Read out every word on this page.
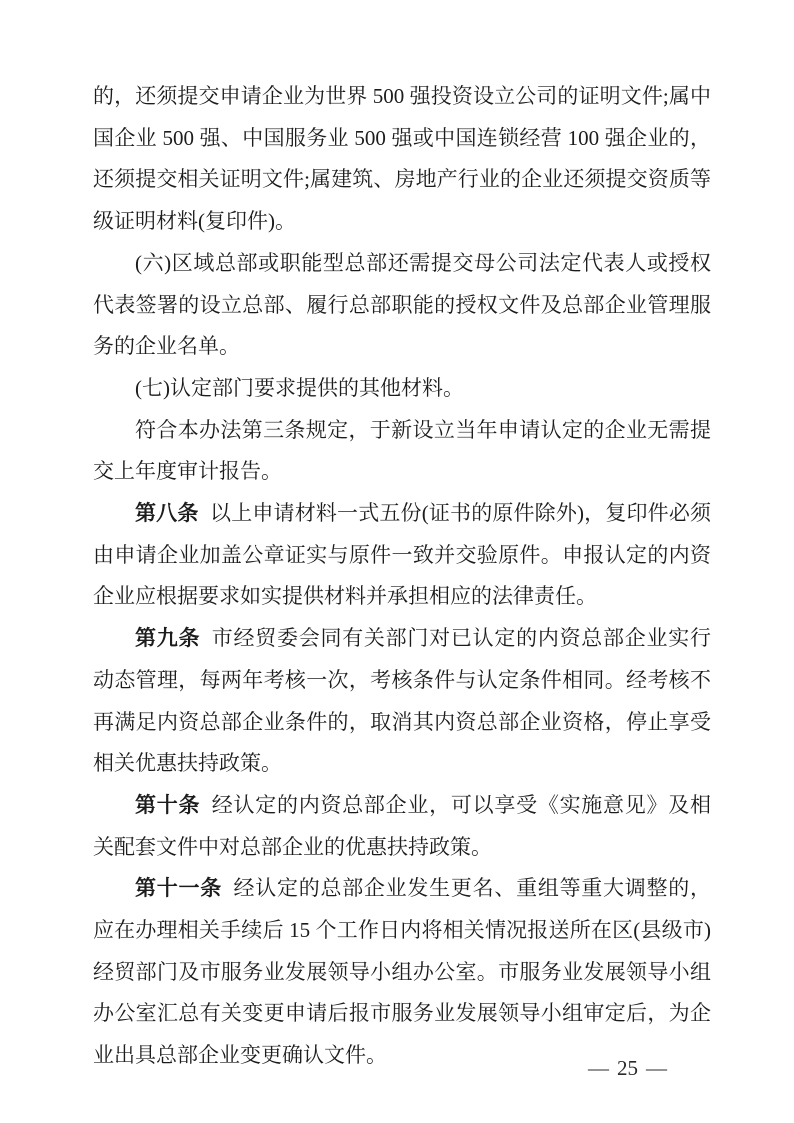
的，还须提交申请企业为世界 500 强投资设立公司的证明文件;属中国企业 500 强、中国服务业 500 强或中国连锁经营 100 强企业的，还须提交相关证明文件;属建筑、房地产行业的企业还须提交资质等级证明材料(复印件)。

(六)区域总部或职能型总部还需提交母公司法定代表人或授权代表签署的设立总部、履行总部职能的授权文件及总部企业管理服务的企业名单。

(七)认定部门要求提供的其他材料。

符合本办法第三条规定，于新设立当年申请认定的企业无需提交上年度审计报告。

第八条 以上申请材料一式五份(证书的原件除外)，复印件必须由申请企业加盖公章证实与原件一致并交验原件。申报认定的内资企业应根据要求如实提供材料并承担相应的法律责任。

第九条 市经贸委会同有关部门对已认定的内资总部企业实行动态管理，每两年考核一次，考核条件与认定条件相同。经考核不再满足内资总部企业条件的，取消其内资总部企业资格，停止享受相关优惠扶持政策。

第十条 经认定的内资总部企业，可以享受《实施意见》及相关配套文件中对总部企业的优惠扶持政策。

第十一条 经认定的总部企业发生更名、重组等重大调整的，应在办理相关手续后 15 个工作日内将相关情况报送所在区(县级市)经贸部门及市服务业发展领导小组办公室。市服务业发展领导小组办公室汇总有关变更申请后报市服务业发展领导小组审定后，为企业出具总部企业变更确认文件。

— 25 —
